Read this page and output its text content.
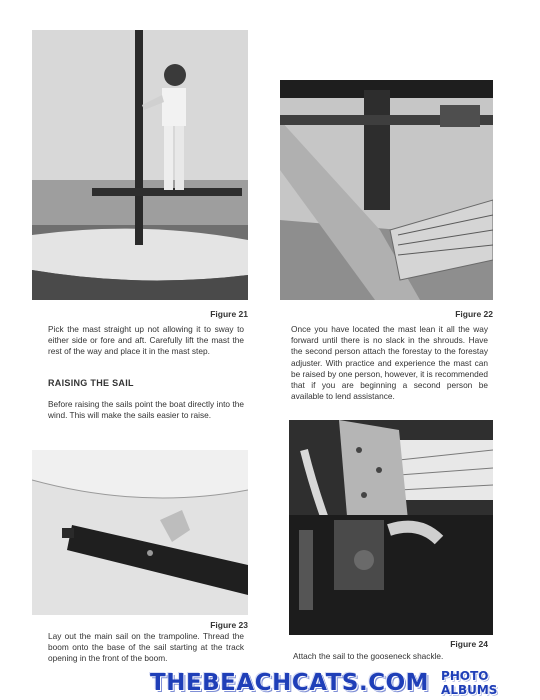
Figure 21

Pick the mast straight up not allowing it to sway to either side or fore and aft. Carefully lift the mast the rest of the way and place it in the mast step.

RAISING THE SAIL

Before raising the sails point the boat directly into the wind. This will make the sails easier to raise.

Figure 22

Once you have located the mast lean it all the way forward until there is no slack in the shrouds. Have the second person attach the forestay to the forestay adjuster. With practice and experience the mast can be raised by one person, however, it is recommended that if you are beginning a second person be available to lend assistance.

Figure 23

Lay out the main sail on the trampoline. Thread the boom onto the base of the sail starting at the track opening in the front of the boom.

Figure 24

Attach the sail to the gooseneck shackle.

THEBEACHCATS.COM PHOTO ALBUMS
